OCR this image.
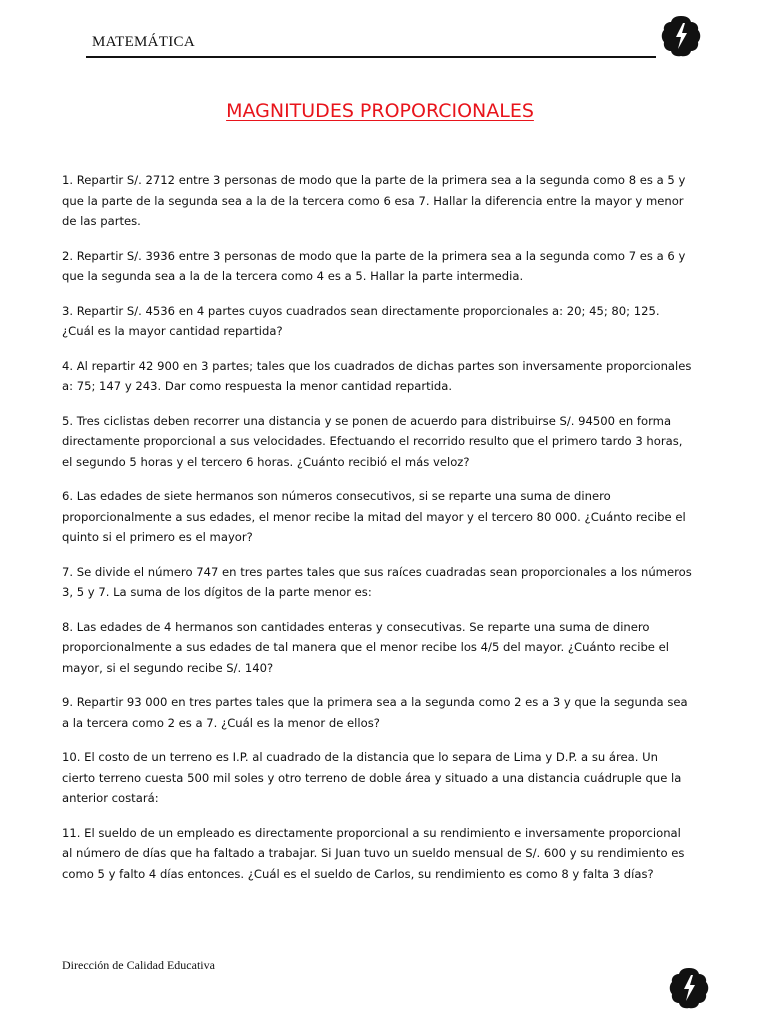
MATEMÁTICA
MAGNITUDES PROPORCIONALES
1. Repartir S/. 2712 entre 3 personas de modo que la parte de la primera sea a la segunda como 8 es a 5 y que la parte de la segunda sea a la de la tercera como 6 esa 7. Hallar la diferencia entre la mayor y menor de las partes.
2. Repartir S/. 3936 entre 3 personas de modo que la parte de la primera sea a la segunda como 7 es a 6 y que la segunda sea a la de la tercera como 4 es a 5. Hallar la parte intermedia.
3. Repartir S/. 4536 en 4 partes cuyos cuadrados sean directamente proporcionales a: 20; 45; 80; 125. ¿Cuál es la mayor cantidad repartida?
4. Al repartir 42 900 en 3 partes; tales que los cuadrados de dichas partes son inversamente proporcionales a: 75; 147 y 243. Dar como respuesta la menor cantidad repartida.
5. Tres ciclistas deben recorrer una distancia y se ponen de acuerdo para distribuirse S/. 94500 en forma directamente proporcional a sus velocidades. Efectuando el recorrido resulto que el primero tardo 3 horas, el segundo 5 horas y el tercero 6 horas. ¿Cuánto recibió el más veloz?
6. Las edades de siete hermanos son números consecutivos, si se reparte una suma de dinero proporcionalmente a sus edades, el menor recibe la mitad del mayor y el tercero 80 000. ¿Cuánto recibe el quinto si el primero es el mayor?
7. Se divide el número 747 en tres partes tales que sus raíces cuadradas sean proporcionales a los números 3, 5 y 7. La suma de los dígitos de la parte menor es:
8. Las edades de 4 hermanos son cantidades enteras y consecutivas. Se reparte una suma de dinero proporcionalmente a sus edades de tal manera que el menor recibe los 4/5 del mayor. ¿Cuánto recibe el mayor, si el segundo recibe S/. 140?
9. Repartir 93 000 en tres partes tales que la primera sea a la segunda como 2 es a 3 y que la segunda sea a la tercera como 2 es a 7. ¿Cuál es la menor de ellos?
10. El costo de un terreno es I.P. al cuadrado de la distancia que lo separa de Lima y D.P. a su área. Un cierto terreno cuesta 500 mil soles y otro terreno de doble área y situado a una distancia cuádruple que la anterior costará:
11. El sueldo de un empleado es directamente proporcional a su rendimiento e inversamente proporcional al número de días que ha faltado a trabajar. Si Juan tuvo un sueldo mensual de S/. 600 y su rendimiento es como 5 y falto 4 días entonces. ¿Cuál es el sueldo de Carlos, su rendimiento es como 8 y falta 3 días?
Dirección de Calidad Educativa
